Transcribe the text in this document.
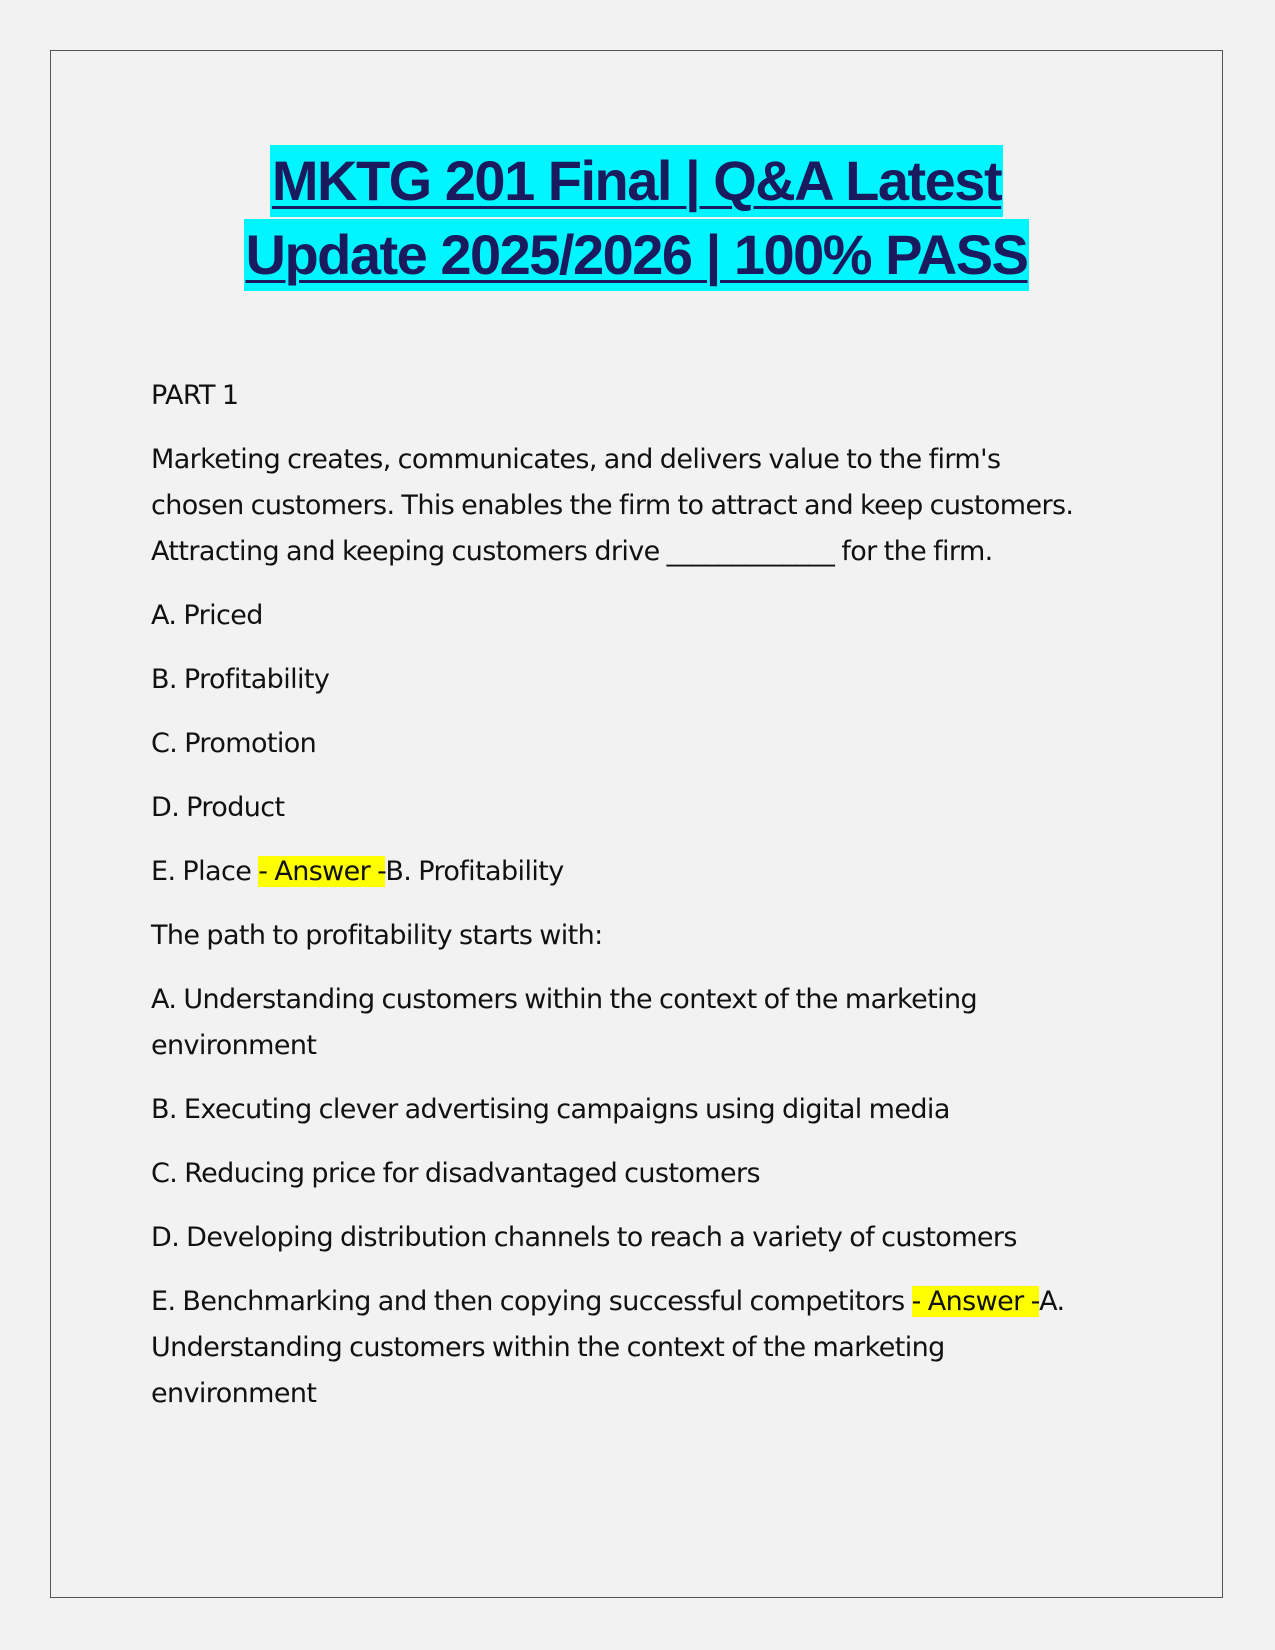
MKTG 201 Final | Q&A Latest
Update 2025/2026 | 100% PASS

PART 1

Marketing creates, communicates, and delivers value to the firm's
chosen customers. This enables the firm to attract and keep customers.
Attracting and keeping customers drive _____________ for the firm.

A. Priced

B. Profitability

C. Promotion

D. Product

E. Place - Answer -B. Profitability

The path to profitability starts with:

A. Understanding customers within the context of the marketing
environment

B. Executing clever advertising campaigns using digital media

C. Reducing price for disadvantaged customers

D. Developing distribution channels to reach a variety of customers

E. Benchmarking and then copying successful competitors - Answer -A.
Understanding customers within the context of the marketing
environment
